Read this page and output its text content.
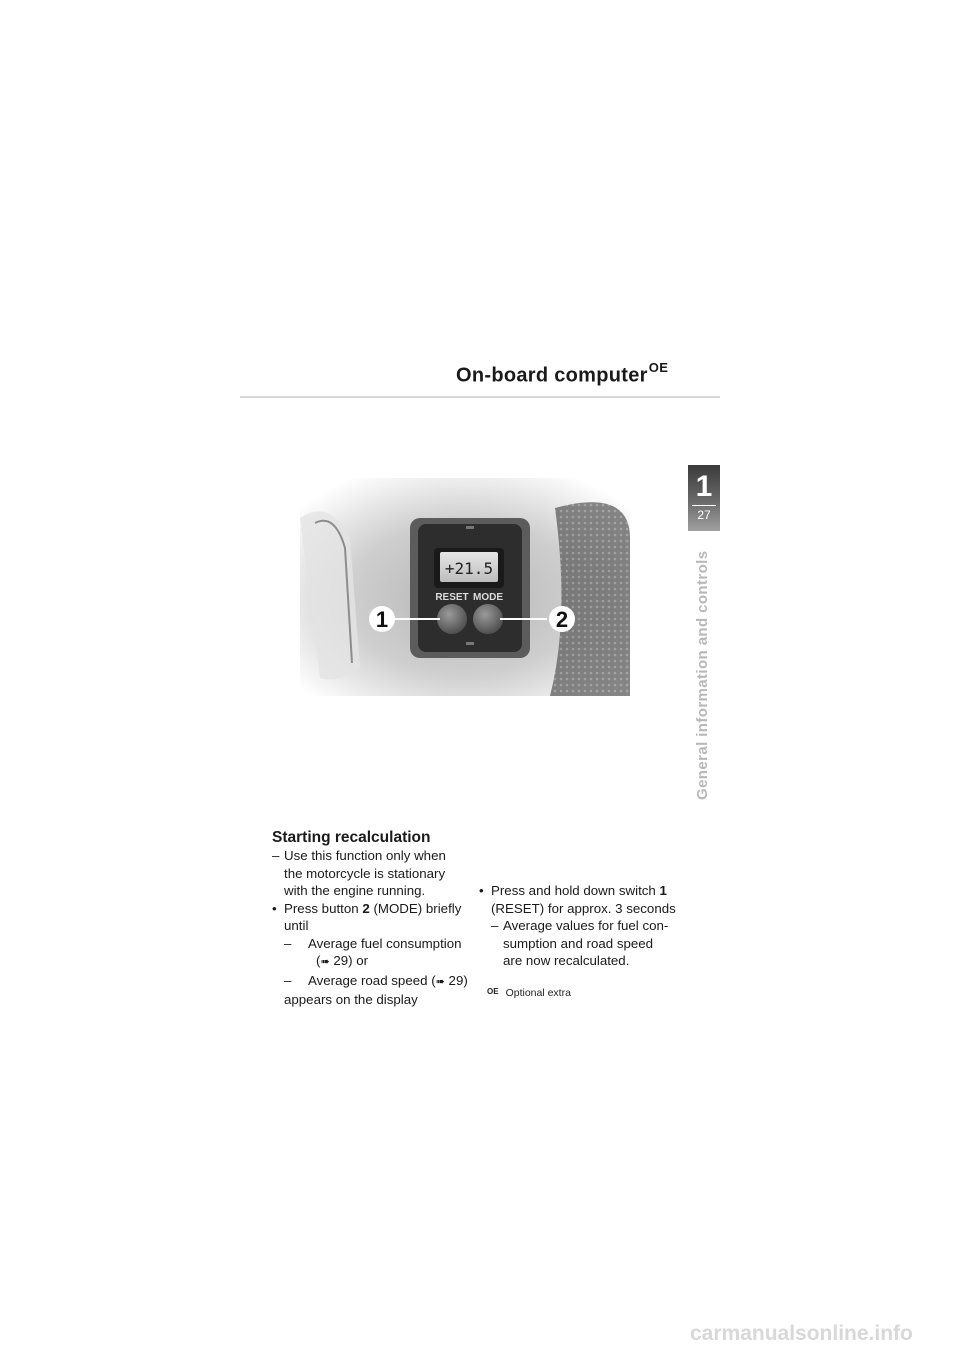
On-board computer$^{OE}$
1
27
General information and controls
+21.5
RESET MODE
1	2
Starting recalculation
– Use this function only when
the motorcycle is stationary
with the engine running.
• Press button 2 (MODE) briefly
until
– Average fuel consumption
(➠ 29) or
– Average road speed (➠ 29)
appears on the display
• Press and hold down switch 1
(RESET) for approx. 3 seconds
– Average values for fuel con-
sumption and road speed
are now recalculated.
OE Optional extra
carmanualsonline.info
